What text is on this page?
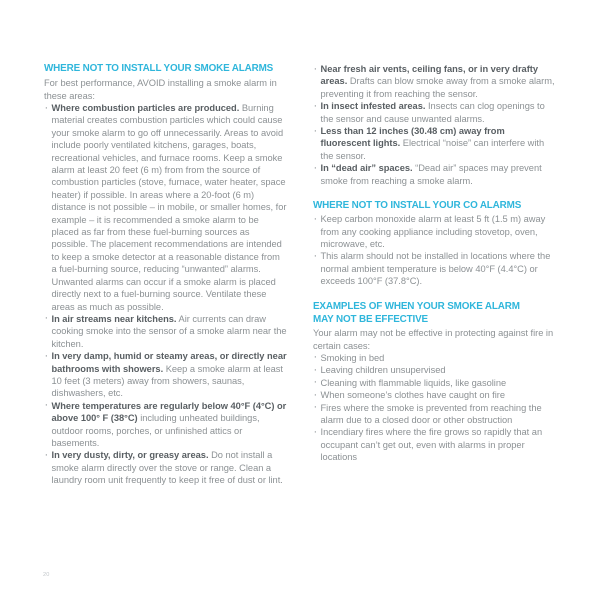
WHERE NOT TO INSTALL YOUR SMOKE ALARMS

For best performance, AVOID installing a smoke alarm in these areas:

· Where combustion particles are produced. Burning material creates combustion particles which could cause your smoke alarm to go off unnecessarily. Areas to avoid include poorly ventilated kitchens, garages, boats, recreational vehicles, and furnace rooms. Keep a smoke alarm at least 20 feet (6 m) from from the source of combustion particles (stove, furnace, water heater, space heater) if possible. In areas where a 20-foot (6 m) distance is not possible – in mobile, or smaller homes, for example – it is recommended a smoke alarm to be placed as far from these fuel-burning sources as possible. The placement recommendations are intended to keep a smoke detector at a reasonable distance from a fuel-burning source, reducing “unwanted” alarms. Unwanted alarms can occur if a smoke alarm is placed directly next to a fuel-burning source. Ventilate these areas as much as possible.
· In air streams near kitchens. Air currents can draw cooking smoke into the sensor of a smoke alarm near the kitchen.
· In very damp, humid or steamy areas, or directly near bathrooms with showers. Keep a smoke alarm at least 10 feet (3 meters) away from showers, saunas, dishwashers, etc.
· Where temperatures are regularly below 40°F (4°C) or above 100° F (38°C) including unheated buildings, outdoor rooms, porches, or unfinished attics or basements.
· In very dusty, dirty, or greasy areas. Do not install a smoke alarm directly over the stove or range. Clean a laundry room unit frequently to keep it free of dust or lint.
· Near fresh air vents, ceiling fans, or in very drafty areas. Drafts can blow smoke away from a smoke alarm, preventing it from reaching the sensor.
· In insect infested areas. Insects can clog openings to the sensor and cause unwanted alarms.
· Less than 12 inches (30.48 cm) away from fluorescent lights. Electrical “noise” can interfere with the sensor.
· In “dead air” spaces. “Dead air” spaces may prevent smoke from reaching a smoke alarm.
WHERE NOT TO INSTALL YOUR CO ALARMS
· Keep carbon monoxide alarm at least 5 ft (1.5 m) away from any cooking appliance including stovetop, oven, microwave, etc.
· This alarm should not be installed in locations where the normal ambient temperature is below 40°F (4.4°C) or exceeds 100°F (37.8°C).
EXAMPLES OF WHEN YOUR SMOKE ALARM
MAY NOT BE EFFECTIVE

Your alarm may not be effective in protecting against fire in certain cases:

· Smoking in bed
· Leaving children unsupervised
· Cleaning with flammable liquids, like gasoline
· When someone’s clothes have caught on fire
· Fires where the smoke is prevented from reaching the alarm due to a closed door or other obstruction
· Incendiary fires where the fire grows so rapidly that an occupant can’t get out, even with alarms in proper locations
20
